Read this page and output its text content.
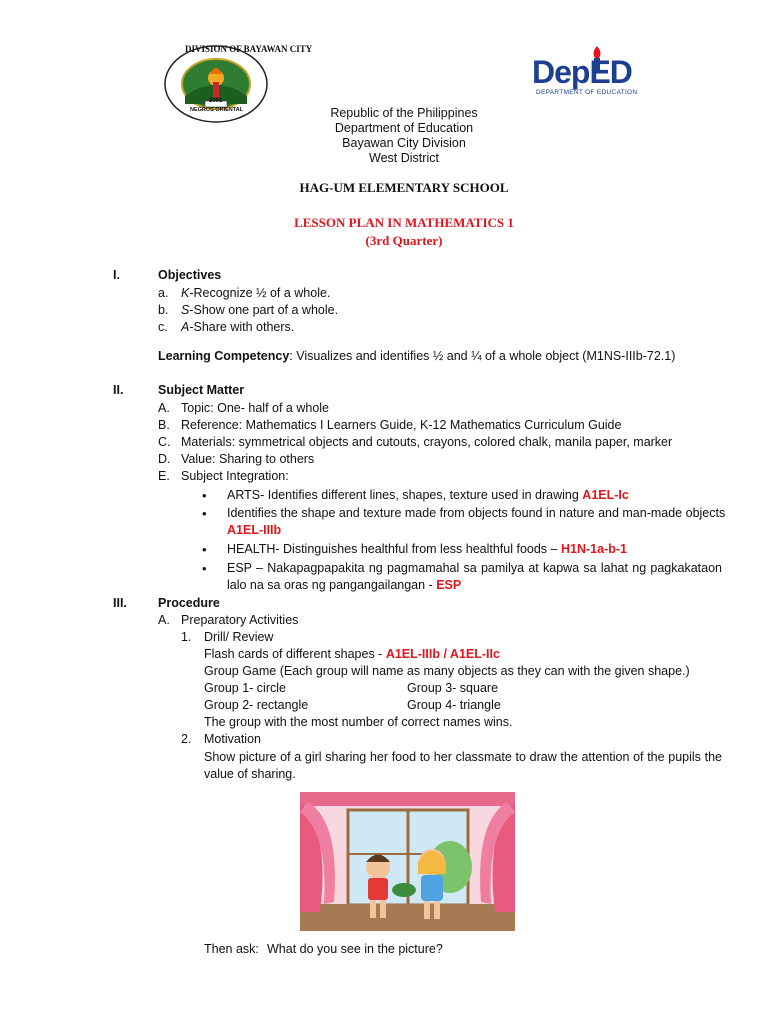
DIVISION OF BAYAWAN CITY
NEGROS ORIENTAL
2001
DepED
DEPARTMENT OF EDUCATION
Republic of the Philippines
Department of Education
Bayawan City Division
West District
HAG-UM ELEMENTARY SCHOOL
LESSON PLAN IN MATHEMATICS 1
(3rd Quarter)
I.	Objectives
a. K-Recognize ½ of a whole.
b. S-Show one part of a whole.
c. A-Share with others.
Learning Competency: Visualizes and identifies ½ and ¼ of a whole object (M1NS-IIIb-72.1)
II.	Subject Matter
A. Topic: One- half of a whole
B. Reference: Mathematics I Learners Guide, K-12 Mathematics Curriculum Guide
C. Materials: symmetrical objects and cutouts, crayons, colored chalk, manila paper, marker
D. Value: Sharing to others
E. Subject Integration:
• ARTS- Identifies different lines, shapes, texture used in drawing A1EL-Ic
• Identifies the shape and texture made from objects found in nature and man-made objects
A1EL-IIIb
• HEALTH- Distinguishes healthful from less healthful foods – H1N-1a-b-1
• ESP – Nakapagpapakita ng pagmamahal sa pamilya at kapwa sa lahat ng pagkakataon lalo na sa oras ng pangangailangan - ESP
III. Procedure
A. Preparatory Activities
1. Drill/ Review
Flash cards of different shapes - A1EL-IIIb / A1EL-IIc
Group Game (Each group will name as many objects as they can with the given shape.)
Group 1- circle	Group 3- square
Group 2- rectangle	Group 4- triangle
The group with the most number of correct names wins.
2. Motivation
Show picture of a girl sharing her food to her classmate to draw the attention of the pupils the value of sharing.
Then ask: What do you see in the picture?
